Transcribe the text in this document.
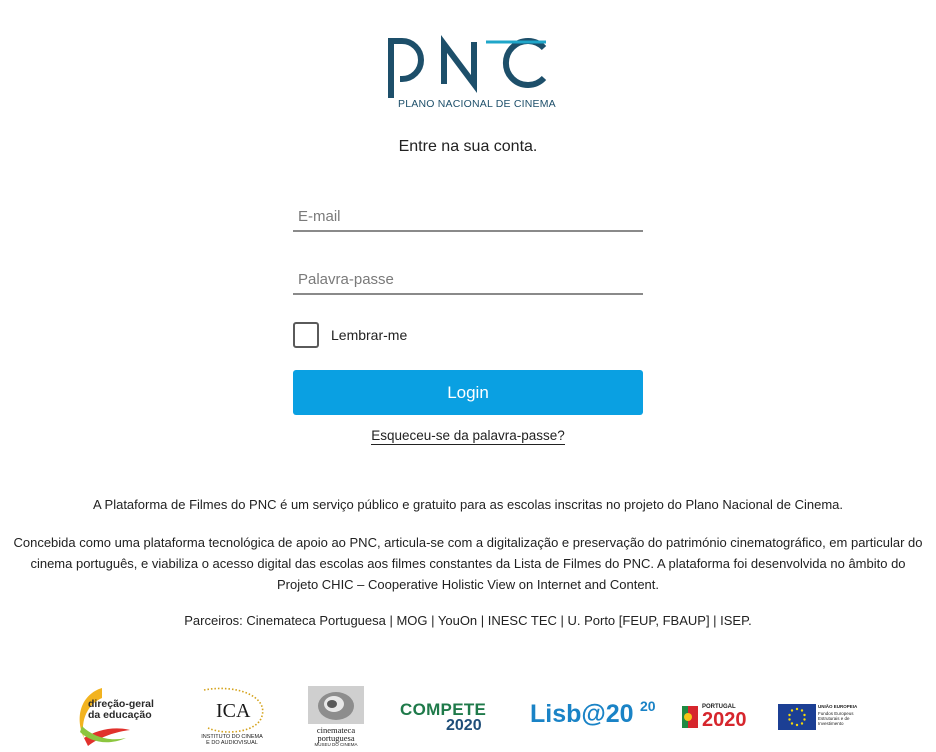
PLANO NACIONAL DE CINEMA
Entre na sua conta.
E-mail
Lembrar-me
Login
Esqueceu-se da palavra-passe?
A Plataforma de Filmes do PNC é um serviço público e gratuito para as escolas inscritas no projeto do Plano Nacional de Cinema.
Concebida como uma plataforma tecnológica de apoio ao PNC, articula-se com a digitalização e preservação do património cinematográfico, em particular do cinema português, e viabiliza o acesso digital das escolas aos filmes constantes da Lista de Filmes do PNC. A plataforma foi desenvolvida no âmbito do Projeto CHIC – Cooperative Holistic View on Internet and Content.
Parceiros: Cinemateca Portuguesa | MOG | YouOn | INESC TEC | U. Porto [FEUP, FBAUP] | ISEP.
direção-geral da educação	ICA
INSTITUTO DO CINEMA E DO AUDIOVISUAL
cinemateca portuguesa
MUSEU DO CINEMA
COMPETE
2020 Lisb@20 20	PORTUGAL
2020
UNIÃO EUROPEIA
Fundos Europeus Estruturais e de Investimento
